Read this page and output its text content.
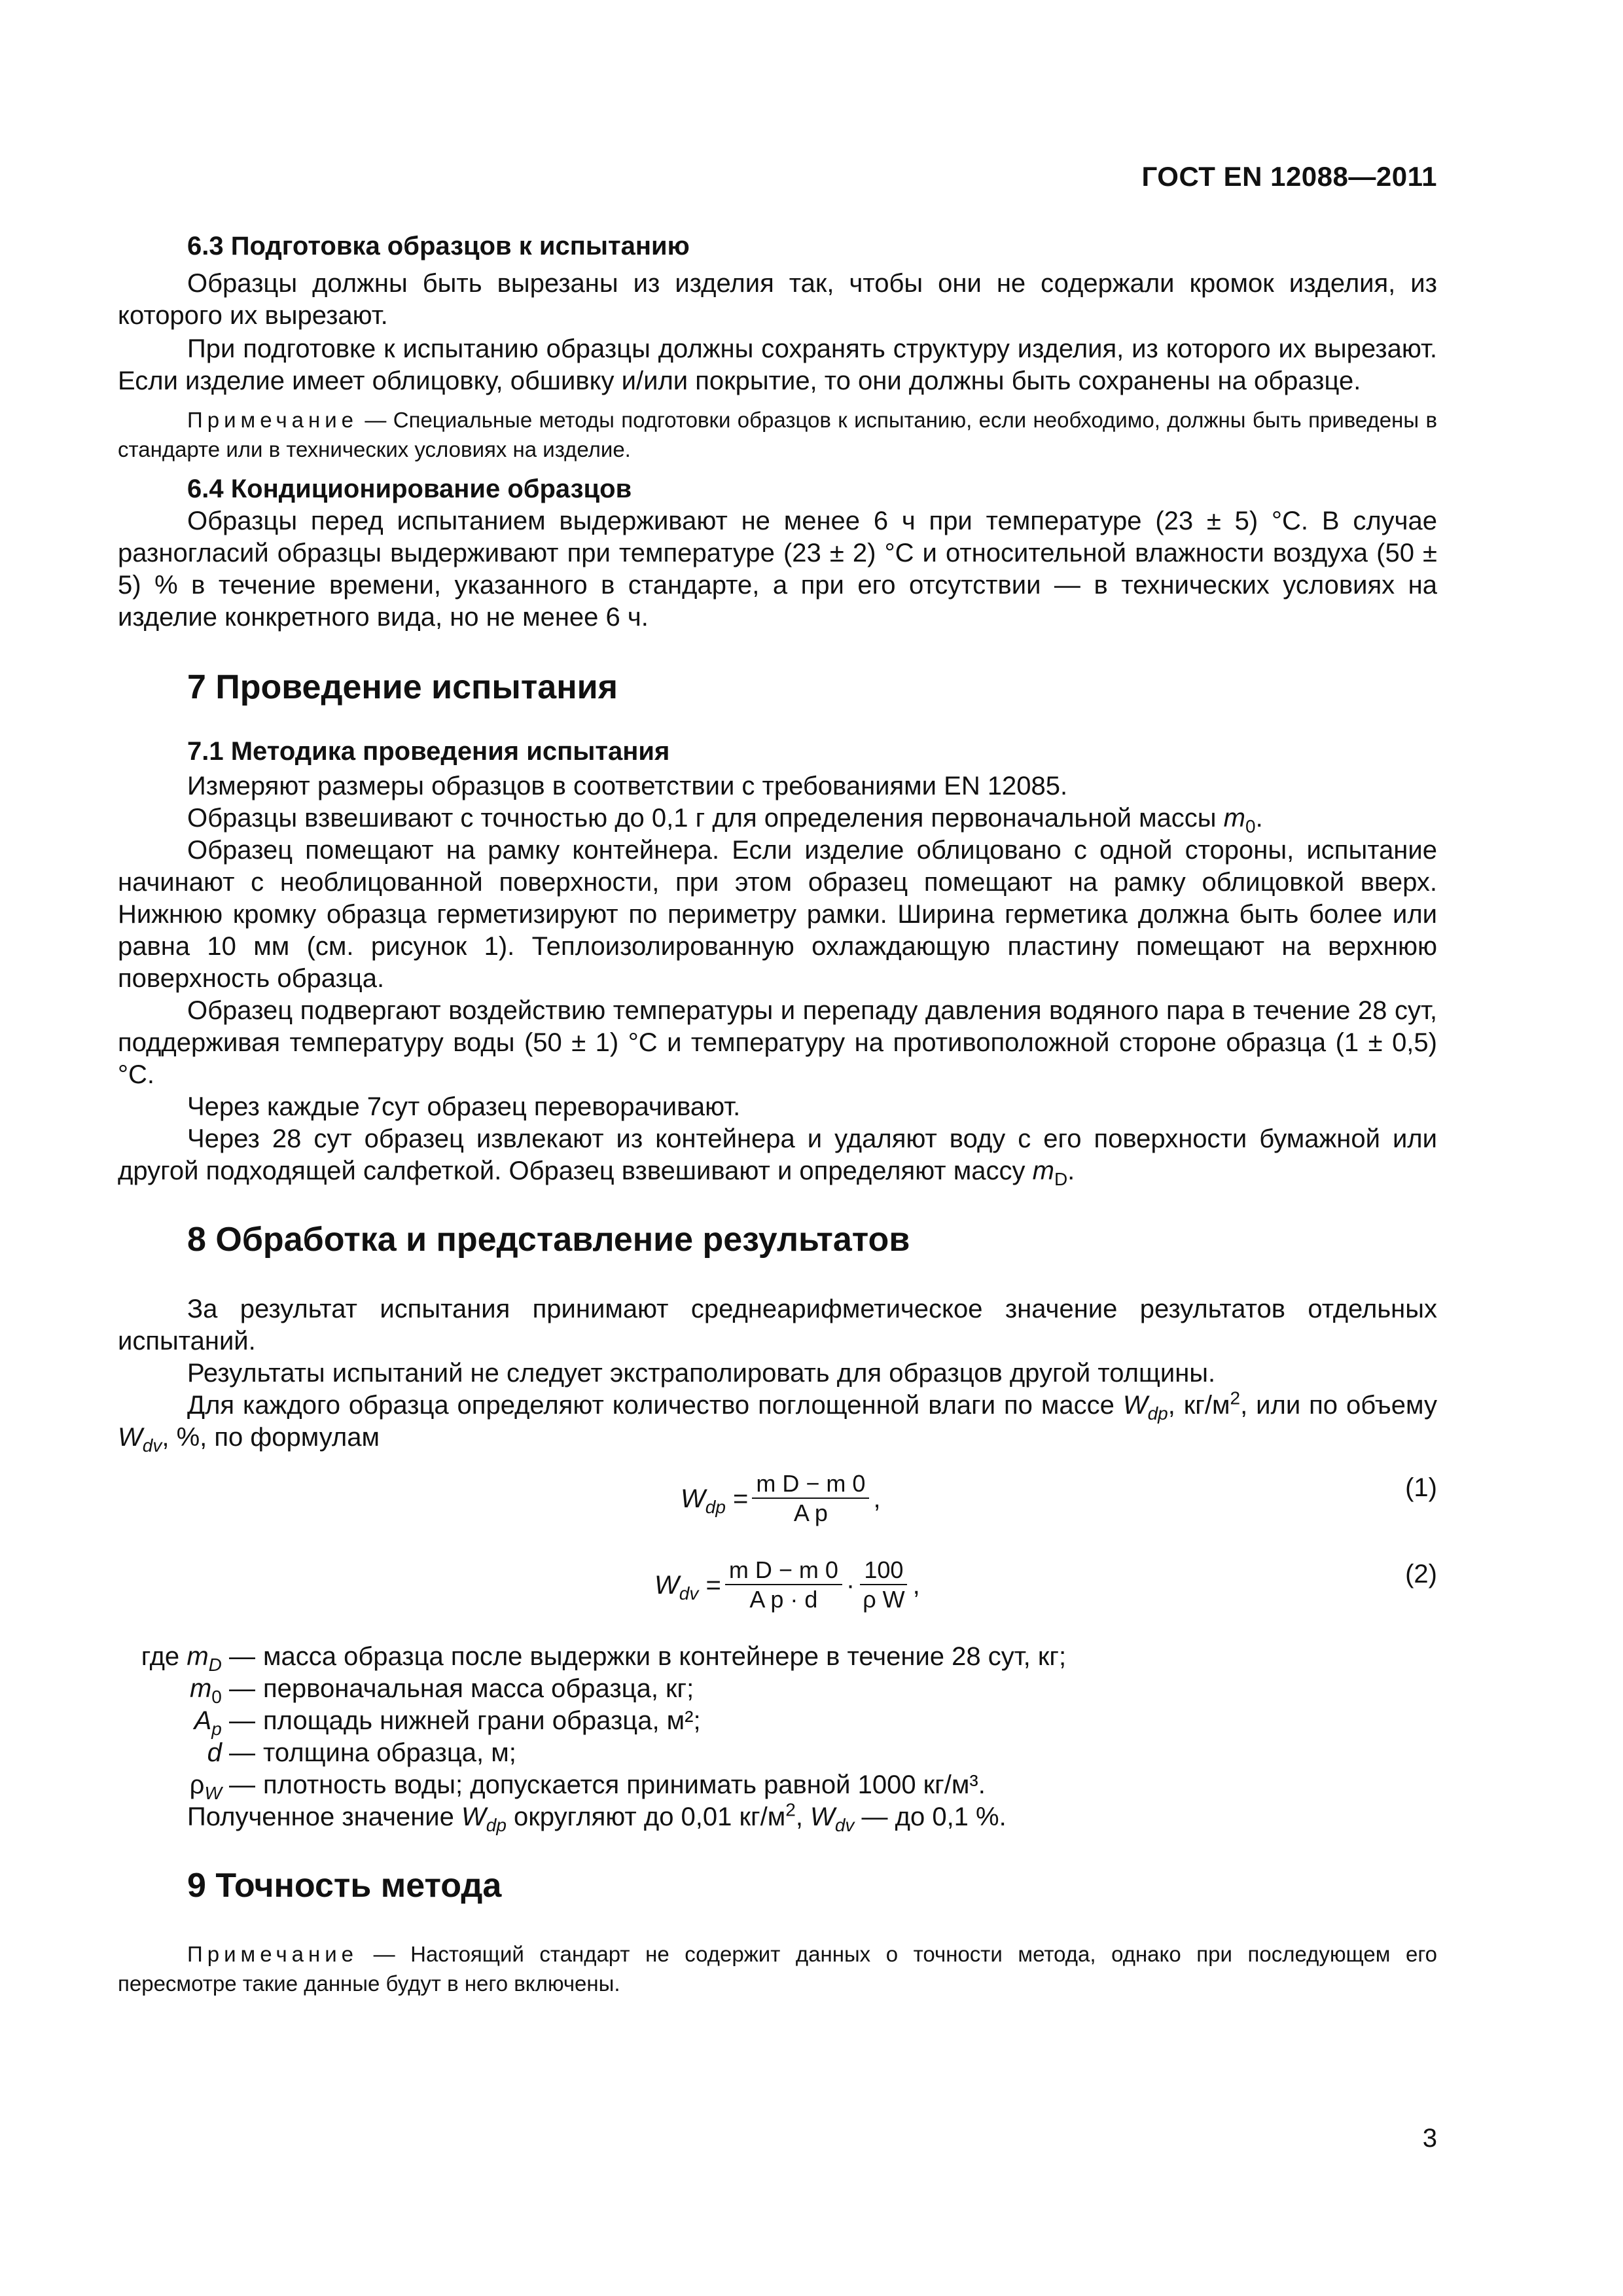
ГОСТ EN 12088—2011

6.3 Подготовка образцов к испытанию

Образцы должны быть вырезаны из изделия так, чтобы они не содержали кромок изделия, из которого их вырезают.

При подготовке к испытанию образцы должны сохранять структуру изделия, из которого их вырезают. Если изделие имеет облицовку, обшивку и/или покрытие, то они должны быть сохранены на образце.

Примечание — Специальные методы подготовки образцов к испытанию, если необходимо, должны быть приведены в стандарте или в технических условиях на изделие.

6.4 Кондиционирование образцов

Образцы перед испытанием выдерживают не менее 6 ч при температуре (23 ± 5) °С. В случае разногласий образцы выдерживают при температуре (23 ± 2) °С и относительной влажности воздуха (50 ± 5) % в течение времени, указанного в стандарте, а при его отсутствии — в технических условиях на изделие конкретного вида, но не менее 6 ч.

7 Проведение испытания

7.1 Методика проведения испытания

Измеряют размеры образцов в соответствии с требованиями EN 12085.

Образцы взвешивают с точностью до 0,1 г для определения первоначальной массы $m_0$.

Образец помещают на рамку контейнера. Если изделие облицовано с одной стороны, испытание начинают с необлицованной поверхности, при этом образец помещают на рамку облицовкой вверх. Нижнюю кромку образца герметизируют по периметру рамки. Ширина герметика должна быть более или равна 10 мм (см. рисунок 1). Теплоизолированную охлаждающую пластину помещают на верхнюю поверхность образца.

Образец подвергают воздействию температуры и перепаду давления водяного пара в течение 28 сут, поддерживая температуру воды (50 ± 1) °С и температуру на противоположной стороне образца (1 ± 0,5) °С.

Через каждые 7сут образец переворачивают.

Через 28 сут образец извлекают из контейнера и удаляют воду с его поверхности бумажной или другой подходящей салфеткой. Образец взвешивают и определяют массу $m_D$.

8 Обработка и представление результатов

За результат испытания принимают среднеарифметическое значение результатов отдельных испытаний.

Результаты испытаний не следует экстраполировать для образцов другой толщины.

Для каждого образца определяют количество поглощенной влаги по массе $W_{dp}$, $кг/м^2$, или по объему $W_{dv}$, %, по формулам

$W_{dp} = \frac{\text{m D − m 0}}{\text{A p}}$ ,	(1)
$W_{dv} = \frac{\text{m D − m 0}}{\text{A p · d}} \cdot \frac{100}{\text{ρ W}}$ ,	(2)
где $m_D$ — масса образца после выдержки в контейнере в течение 28 сут, кг;
$m_0$ — первоначальная масса образца, кг;
$A_p$ — площадь нижней грани образца, м²;
d — толщина образца, м;
$\rho_W$ — плотность воды; допускается принимать равной 1000 кг/м³.

Полученное значение $W_{dp}$ округляют до 0,01 $кг/м^2$, $W_{dv}$ — до 0,1 %.

9 Точность метода

Примечание — Настоящий стандарт не содержит данных о точности метода, однако при последующем его пересмотре такие данные будут в него включены.

3
